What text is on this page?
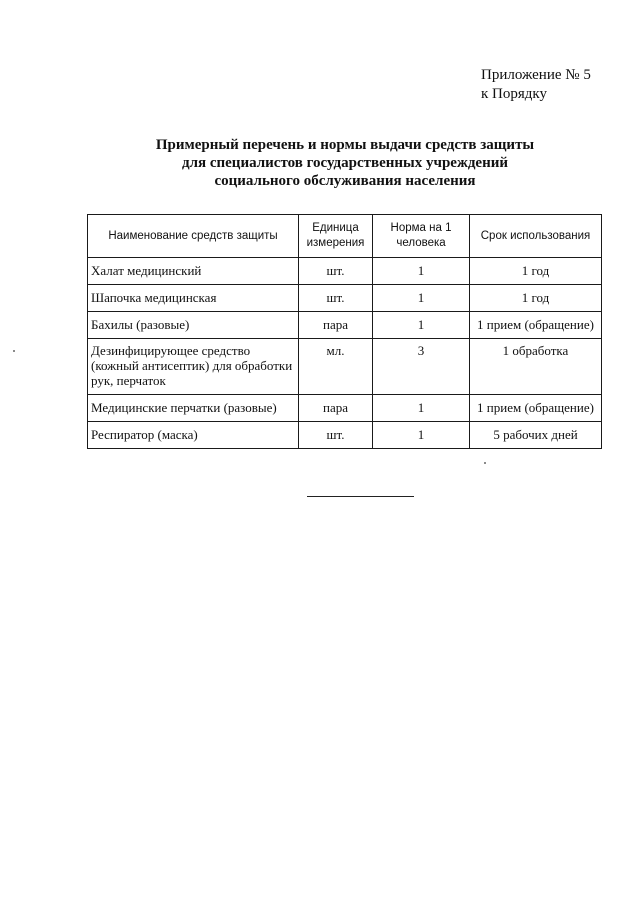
Приложение № 5
к Порядку
Примерный перечень и нормы выдачи средств защиты
для специалистов государственных учреждений
социального обслуживания населения
Наименование средств защиты	Единица измерения	Норма на 1 человека	Срок использования
Халат медицинский	шт.	1	1 год
Шапочка медицинская	шт.	1	1 год
Бахилы (разовые)	пара	1	1 прием (обращение)
Дезинфицирующее средство (кожный антисептик) для обработки рук, перчаток	мл.	3	1 обработка
Медицинские перчатки (разовые)	пара	1	1 прием (обращение)
Респиратор (маска)	шт.	1	5 рабочих дней
